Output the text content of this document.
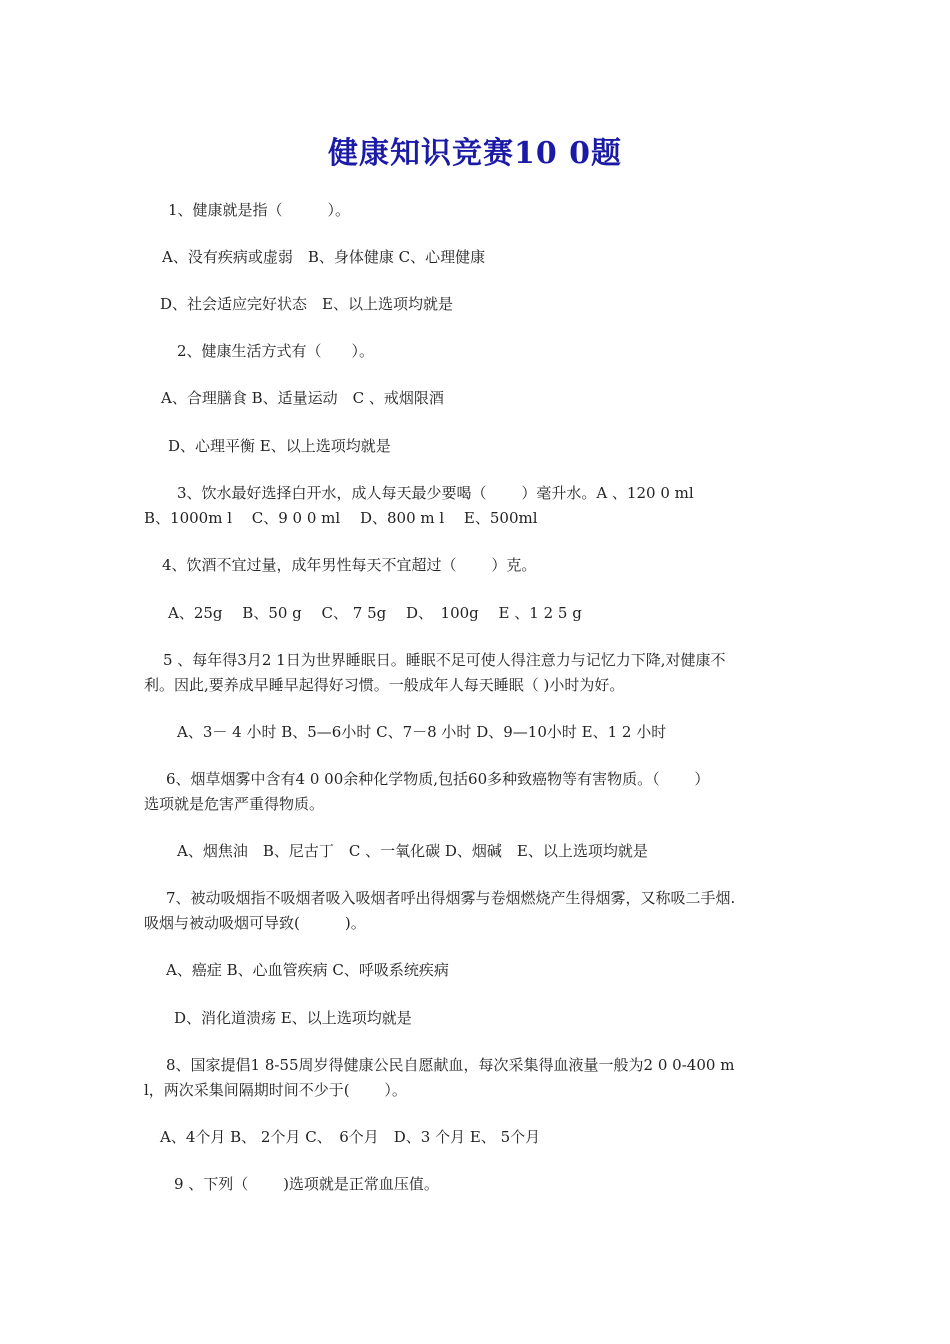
健康知识竞赛10 0题
1、健康就是指（　　　）。
A、没有疾病或虚弱　B、身体健康 C、心理健康
D、社会适应完好状态　E、以上选项均就是
2、健康生活方式有（　　）。
A、合理膳食 B、适量运动　C 、戒烟限酒
D、心理平衡 E、以上选项均就是
3、饮水最好选择白开水，成人每天最少要喝（　　 ）毫升水。A 、120 0 ml
B、1000m l　 C、9 0 0 ml　 D、800 m l　 E、500ml
4、饮酒不宜过量，成年男性每天不宜超过（　　 ）克。
A、25g　 B、50 g　 C、 7 5g　 D、　100g　 E 、1 2 5 g
5 、每年得3月2 1日为世界睡眠日。睡眠不足可使人得注意力与记忆力下降,对健康不
利。因此,要养成早睡早起得好习惯。一般成年人每天睡眠（ )小时为好。
A、3－ 4 小时 B、5—6小时 C、7－8 小时 D、9—10小时 E、1 2 小时
6、烟草烟雾中含有4 0 00余种化学物质,包括60多种致癌物等有害物质。（　　 ）
选项就是危害严重得物质。
A、烟焦油　B、尼古丁　C 、一氧化碳 D、烟碱　E、以上选项均就是
7、被动吸烟指不吸烟者吸入吸烟者呼出得烟雾与卷烟燃烧产生得烟雾，又称吸二手烟.
吸烟与被动吸烟可导致(　　　)。
A、癌症 B、心血管疾病 C、呼吸系统疾病
D、消化道溃疡 E、以上选项均就是
8、国家提倡1 8-55周岁得健康公民自愿献血，每次采集得血液量一般为2 0 0-400 m
l，两次采集间隔期时间不少于(　　 ）。
A、4个月 B、 2个月 C、　6个月　D、3 个月 E、 5个月
9 、下列（　　 )选项就是正常血压值。
